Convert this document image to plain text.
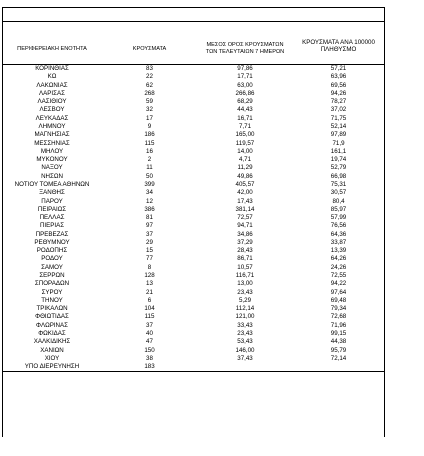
ΠΕΡΙΦΕΡΕΙΑΚΗ ΕΝΟΤΗΤΑ	ΚΡΟΥΣΜΑΤΑ
ΜΕΣΟΣ ΟΡΟΣ ΚΡΟΥΣΜΑΤΩΝ
ΤΩΝ ΤΕΛΕΥΤΑΙΩΝ 7 ΗΜΕΡΩΝ
ΚΡΟΥΣΜΑΤΑ ΑΝΑ 100000
ΠΛΗΘΥΣΜΟ
ΚΟΡΙΝΘΙΑΣ	83	97,86	57,21
ΚΩ	22	17,71	63,96
ΛΑΚΩΝΙΑΣ	62	63,00	69,56
ΛΑΡΙΣΑΣ	268	266,86	94,26
ΛΑΣΙΘΙΟΥ	59	68,29	78,27
ΛΕΣΒΟΥ	32	44,43	37,02
ΛΕΥΚΑΔΑΣ	17	16,71	71,75
ΛΗΜΝΟΥ	9	7,71	52,14
ΜΑΓΝΗΣΙΑΣ	186	165,00	97,89
ΜΕΣΣΗΝΙΑΣ	115	119,57	71,9
ΜΗΛΟΥ	16	14,00	161,1
ΜΥΚΟΝΟΥ	2	4,71	19,74
ΝΑΞΟΥ	11	11,29	52,79
ΝΗΣΩΝ	50	49,86	66,98
ΝΟΤΙΟΥ ΤΟΜΕΑ ΑΘΗΝΩΝ	399	405,57	75,31
ΞΑΝΘΗΣ	34	42,00	30,57
ΠΑΡΟΥ	12	17,43	80,4
ΠΕΙΡΑΙΩΣ	386	381,14	85,97
ΠΕΛΛΑΣ	81	72,57	57,99
ΠΙΕΡΙΑΣ	97	94,71	76,56
ΠΡΕΒΕΖΑΣ	37	34,86	64,36
ΡΕΘΥΜΝΟΥ	29	37,29	33,87
ΡΟΔΟΠΗΣ	15	28,43	13,39
ΡΟΔΟΥ	77	86,71	64,26
ΣΑΜΟΥ	8	10,57	24,26
ΣΕΡΡΩΝ	128	116,71	72,55
ΣΠΟΡΑΔΩΝ	13	13,00	94,22
ΣΥΡΟΥ	21	23,43	97,64
ΤΗΝΟΥ	6	5,29	69,48
ΤΡΙΚΑΛΩΝ	104	112,14	79,34
ΦΘΙΩΤΙΔΑΣ	115	121,00	72,68
ΦΛΩΡΙΝΑΣ	37	33,43	71,96
ΦΩΚΙΔΑΣ	40	23,43	99,15
ΧΑΛΚΙΔΙΚΗΣ	47	53,43	44,38
ΧΑΝΙΩΝ	150	146,00	95,79
ΧΙΟΥ	38	37,43	72,14
ΥΠΟ ΔΙΕΡΕΥΝΗΣΗ	183		
